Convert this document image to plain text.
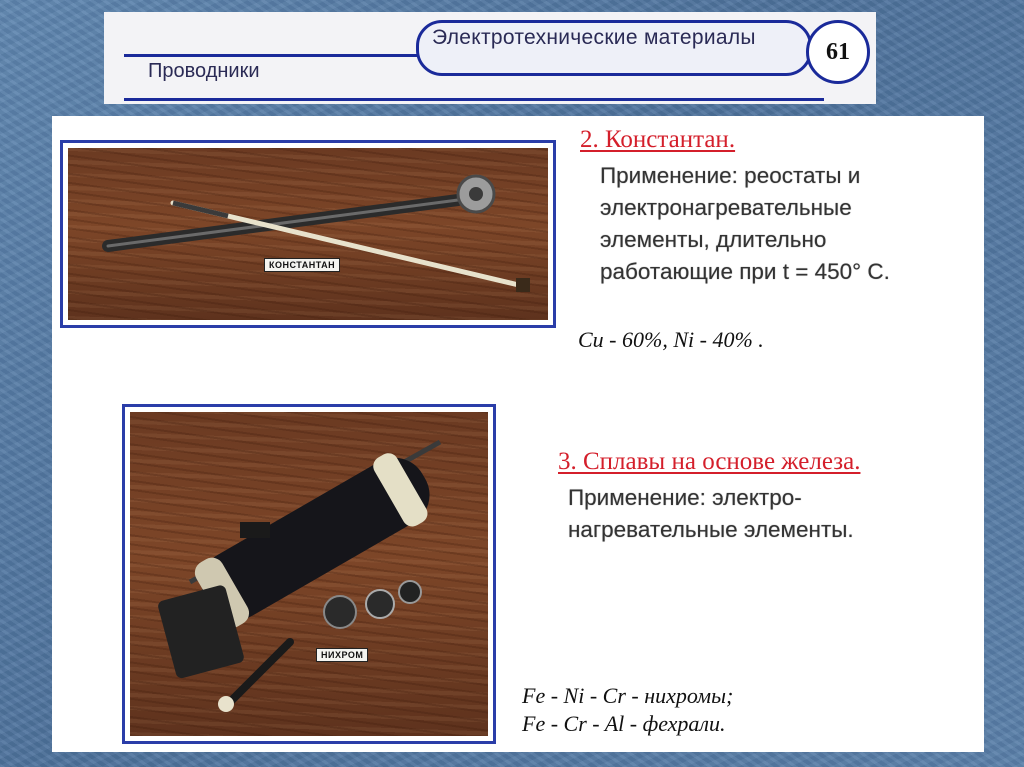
Электротехнические материалы
Проводники
61
КОНСТАНТАН
2. Константан.
Применение: реостаты и
электронагревательные
элементы, длительно
работающие при t = 450° C.
Cu - 60%, Ni - 40% .
НИХРОМ
3. Сплавы на основе железа.
Применение: электро-
нагревательные элементы.
Fe - Ni - Cr - нихромы;
Fe - Cr - Al - фехрали.
